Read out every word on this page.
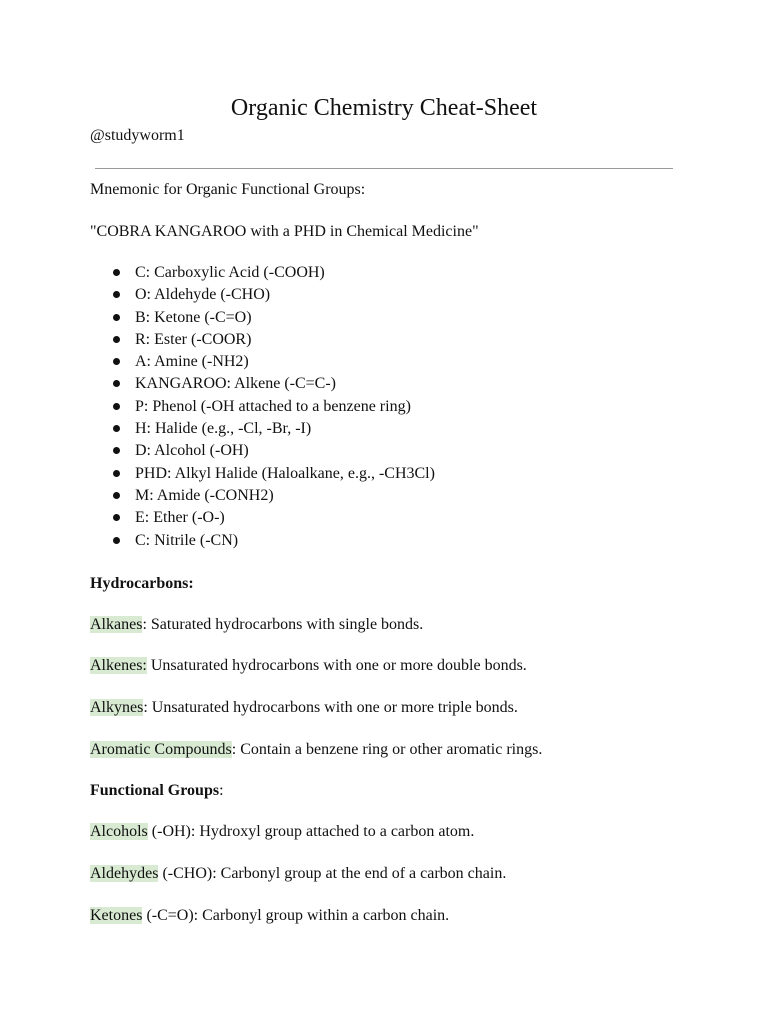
Organic Chemistry Cheat-Sheet
@studyworm1
Mnemonic for Organic Functional Groups:
"COBRA KANGAROO with a PHD in Chemical Medicine"
C: Carboxylic Acid (-COOH)
O: Aldehyde (-CHO)
B: Ketone (-C=O)
R: Ester (-COOR)
A: Amine (-NH2)
KANGAROO: Alkene (-C=C-)
P: Phenol (-OH attached to a benzene ring)
H: Halide (e.g., -Cl, -Br, -I)
D: Alcohol (-OH)
PHD: Alkyl Halide (Haloalkane, e.g., -CH3Cl)
M: Amide (-CONH2)
E: Ether (-O-)
C: Nitrile (-CN)
Hydrocarbons:
Alkanes: Saturated hydrocarbons with single bonds.
Alkenes: Unsaturated hydrocarbons with one or more double bonds.
Alkynes: Unsaturated hydrocarbons with one or more triple bonds.
Aromatic Compounds: Contain a benzene ring or other aromatic rings.
Functional Groups:
Alcohols (-OH): Hydroxyl group attached to a carbon atom.
Aldehydes (-CHO): Carbonyl group at the end of a carbon chain.
Ketones (-C=O): Carbonyl group within a carbon chain.
